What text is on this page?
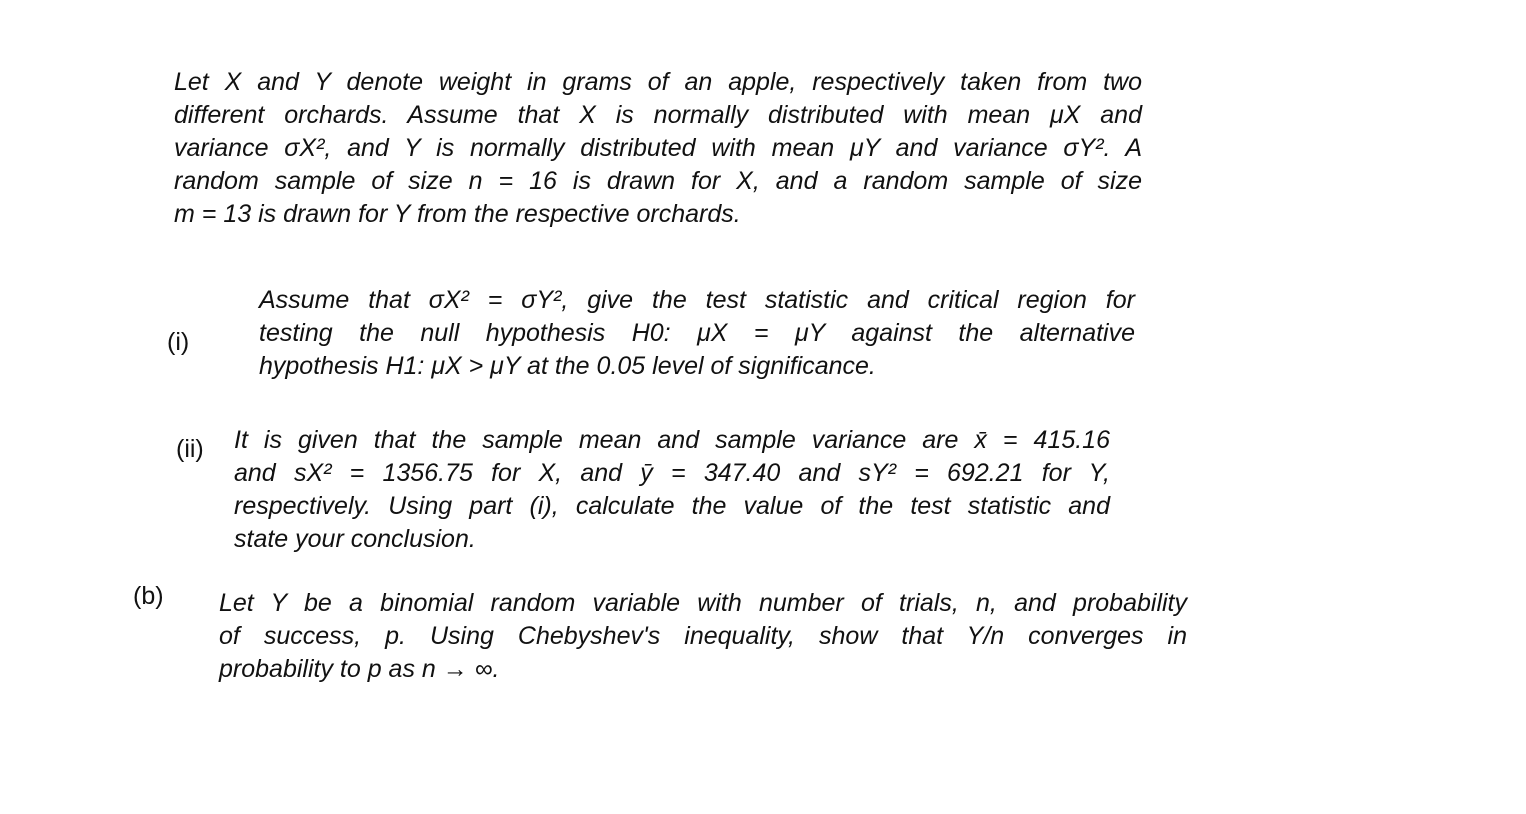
Let X and Y denote weight in grams of an apple, respectively taken from two
different orchards. Assume that X is normally distributed with mean μX and
variance σX², and Y is normally distributed with mean μY and variance σY². A
random sample of size n = 16 is drawn for X, and a random sample of size
m = 13 is drawn for Y from the respective orchards.
(i)
Assume that σX² = σY², give the test statistic and critical region for
testing the null hypothesis H0: μX = μY against the alternative
hypothesis H1: μX > μY at the 0.05 level of significance.
(ii) It is given that the sample mean and sample variance are x̄ = 415.16
and sX² = 1356.75 for X, and ȳ = 347.40 and sY² = 692.21 for Y,
respectively. Using part (i), calculate the value of the test statistic and
state your conclusion.
(b) Let Y be a binomial random variable with number of trials, n, and probability
of success, p. Using Chebyshev's inequality, show that Y/n converges in
probability to p as n → ∞.
